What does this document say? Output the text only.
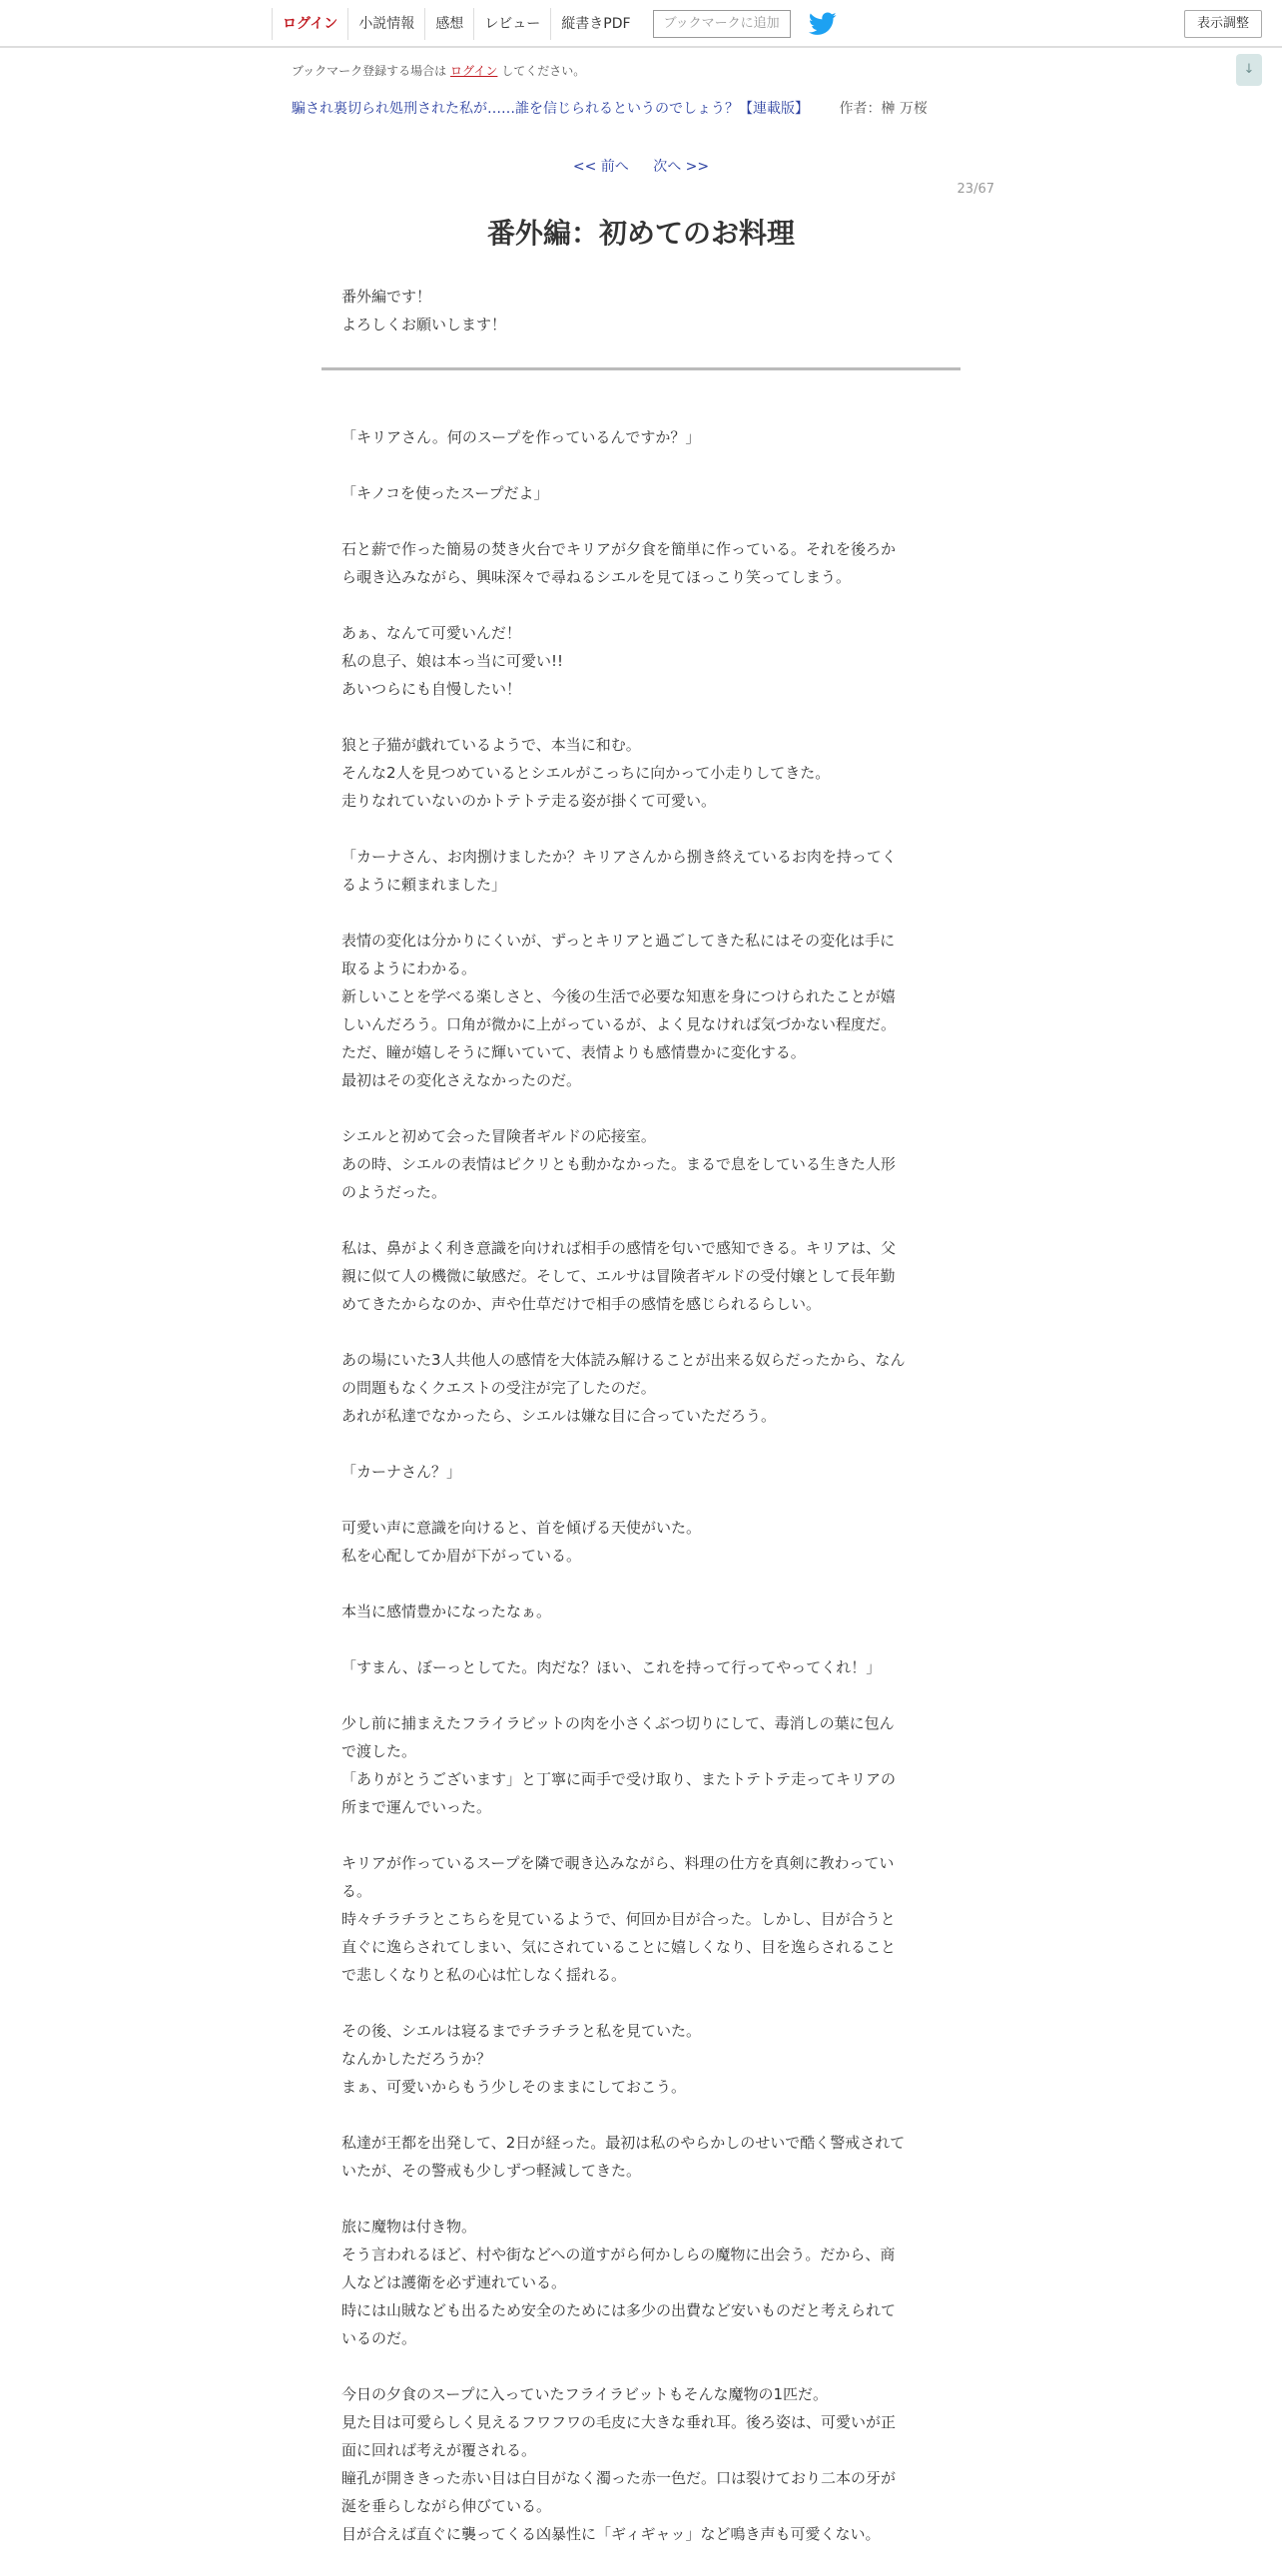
ログイン	小説情報	感想	レビュー	縦書きPDF	ブックマークに追加	表示調整
↓
ブックマーク登録する場合は ログイン してください。
騙され裏切られ処刑された私が……誰を信じられるというのでしょう？【連載版】 作者：榊 万桜
<< 前へ 次へ >>
23/67
番外編：初めてのお料理
番外編です！
よろしくお願いします！
「キリアさん。何のスープを作っているんですか？」
「キノコを使ったスープだよ」
石と薪で作った簡易の焚き火台でキリアが夕食を簡単に作っている。それを後ろか
ら覗き込みながら、興味深々で尋ねるシエルを見てほっこり笑ってしまう。
あぁ、なんて可愛いんだ！
私の息子、娘は本っ当に可愛い!!
あいつらにも自慢したい！
狼と子猫が戯れているようで、本当に和む。
そんな2人を見つめているとシエルがこっちに向かって小走りしてきた。
走りなれていないのかトテトテ走る姿が掛くて可愛い。
「カーナさん、お肉捌けましたか？キリアさんから捌き終えているお肉を持ってく
るように頼まれました」
表情の変化は分かりにくいが、ずっとキリアと過ごしてきた私にはその変化は手に
取るようにわかる。
新しいことを学べる楽しさと、今後の生活で必要な知恵を身につけられたことが嬉
しいんだろう。口角が微かに上がっているが、よく見なければ気づかない程度だ。
ただ、瞳が嬉しそうに輝いていて、表情よりも感情豊かに変化する。
最初はその変化さえなかったのだ。
シエルと初めて会った冒険者ギルドの応接室。
あの時、シエルの表情はピクリとも動かなかった。まるで息をしている生きた人形
のようだった。
私は、鼻がよく利き意識を向ければ相手の感情を匂いで感知できる。キリアは、父
親に似て人の機微に敏感だ。そして、エルサは冒険者ギルドの受付嬢として長年勤
めてきたからなのか、声や仕草だけで相手の感情を感じられるらしい。
あの場にいた3人共他人の感情を大体読み解けることが出来る奴らだったから、なん
の問題もなくクエストの受注が完了したのだ。
あれが私達でなかったら、シエルは嫌な目に合っていただろう。
「カーナさん？」
可愛い声に意識を向けると、首を傾げる天使がいた。
私を心配してか眉が下がっている。
本当に感情豊かになったなぁ。
「すまん、ぼーっとしてた。肉だな？ほい、これを持って行ってやってくれ！」
少し前に捕まえたフライラビットの肉を小さくぶつ切りにして、毒消しの葉に包ん
で渡した。
「ありがとうございます」と丁寧に両手で受け取り、またトテトテ走ってキリアの
所まで運んでいった。
キリアが作っているスープを隣で覗き込みながら、料理の仕方を真剣に教わってい
る。
時々チラチラとこちらを見ているようで、何回か目が合った。しかし、目が合うと
直ぐに逸らされてしまい、気にされていることに嬉しくなり、目を逸らされること
で悲しくなりと私の心は忙しなく揺れる。
その後、シエルは寝るまでチラチラと私を見ていた。
なんかしただろうか？
まぁ、可愛いからもう少しそのままにしておこう。
私達が王都を出発して、2日が経った。最初は私のやらかしのせいで酷く警戒されて
いたが、その警戒も少しずつ軽減してきた。
旅に魔物は付き物。
そう言われるほど、村や街などへの道すがら何かしらの魔物に出会う。だから、商
人などは護衛を必ず連れている。
時には山賊なども出るため安全のためには多少の出費など安いものだと考えられて
いるのだ。
今日の夕食のスープに入っていたフライラビットもそんな魔物の1匹だ。
見た目は可愛らしく見えるフワフワの毛皮に大きな垂れ耳。後ろ姿は、可愛いが正
面に回れば考えが覆される。
瞳孔が開ききった赤い目は白目がなく濁った赤一色だ。口は裂けており二本の牙が
涎を垂らしながら伸びている。
目が合えば直ぐに襲ってくる凶暴性に「ギィギャッ」など鳴き声も可愛くない。
